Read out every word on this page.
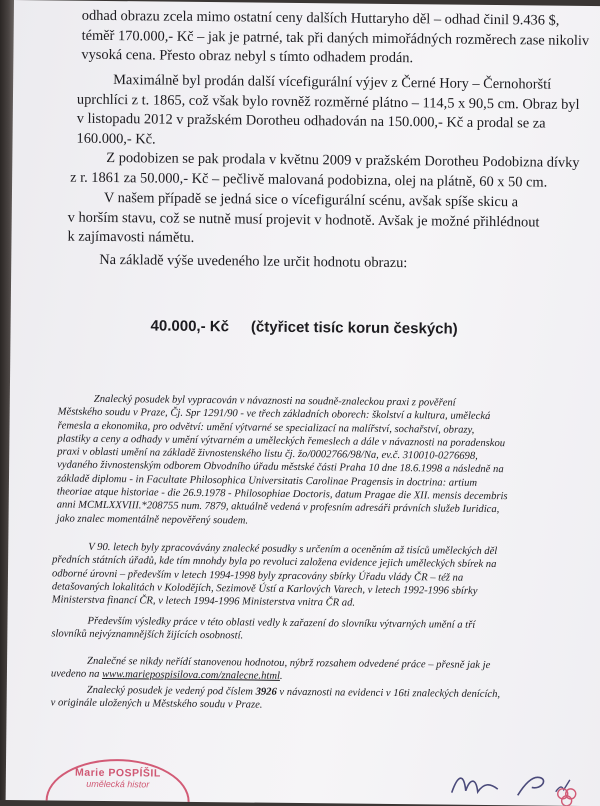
odhad obrazu zcela mimo ostatní ceny dalších Huttaryho děl – odhad činil 9.436 $,
téměř 170.000,- Kč – jak je patrné, tak při daných mimořádných rozměrech zase nikoliv
vysoká cena. Přesto obraz nebyl s tímto odhadem prodán.
Maximálně byl prodán další vícefigurální výjev z Černé Hory – Černohorští
uprchlíci z t. 1865, což však bylo rovněž rozměrné plátno – 114,5 x 90,5 cm. Obraz byl
v listopadu 2012 v pražském Dorotheu odhadován na 150.000,- Kč a prodal se za
160.000,- Kč.
Z podobizen se pak prodala v květnu 2009 v pražském Dorotheu Podobizna dívky
z r. 1861 za 50.000,- Kč – pečlivě malovaná podobizna, olej na plátně, 60 x 50 cm.
V našem případě se jedná sice o vícefigurální scénu, avšak spíše skicu a
v horším stavu, což se nutně musí projevit v hodnotě. Avšak je možné přihlédnout
k zajímavosti námětu.
Na základě výše uvedeného lze určit hodnotu obrazu:
40.000,- Kč (čtyřicet tisíc korun českých)
Znalecký posudek byl vypracován v návaznosti na soudně-znaleckou praxi z pověření
Městského soudu v Praze, Čj. Spr 1291/90 - ve třech základních oborech: školství a kultura, umělecká
řemesla a ekonomika, pro odvětví: umění výtvarné se specializací na malířství, sochařství, obrazy,
plastiky a ceny a odhady v umění výtvarném a uměleckých řemeslech a dále v návaznosti na poradenskou
praxi v oblasti umění na základě živnostenského listu čj. žo/0002766/98/Na, ev.č. 310010-0276698,
vydaného živnostenským odborem Obvodního úřadu městské části Praha 10 dne 18.6.1998 a následně na
základě diplomu - in Facultate Philosophica Universitatis Carolinae Pragensis in doctrina: artium
theoriae atque historiae - die 26.9.1978 - Philosophiae Doctoris, datum Pragae die XII. mensis decembris
anni MCMLXXVIII.*208755 num. 7879, aktuálně vedená v profesním adresáři právních služeb Iuridica,
jako znalec momentálně nepověřený soudem.
V 90. letech byly zpracovávány znalecké posudky s určením a oceněním až tisíců uměleckých děl
předních státních úřadů, kde tím mnohdy byla po revoluci založena evidence jejich uměleckých sbírek na
odborné úrovni – především v letech 1994-1998 byly zpracovány sbírky Úřadu vlády ČR – též na
detašovaných lokalitách v Kolodějích, Sezimově Ústí a Karlových Varech, v letech 1992-1996 sbírky
Ministerstva financí ČR, v letech 1994-1996 Ministerstva vnitra ČR ad.
Především výsledky práce v této oblasti vedly k zařazení do slovníku výtvarných umění a tří
slovníků nejvýznamnějších žijících osobností.
Znalečné se nikdy neřídí stanovenou hodnotou, nýbrž rozsahem odvedené práce – přesně jak je
uvedeno na www.mariepospisilova.com/znalecne.html.
Znalecký posudek je vedený pod číslem 3926 v návaznosti na evidenci v 16ti znaleckých denících,
v originále uložených u Městského soudu v Praze.
Marie POSPÍŠIL
umělecká histor
